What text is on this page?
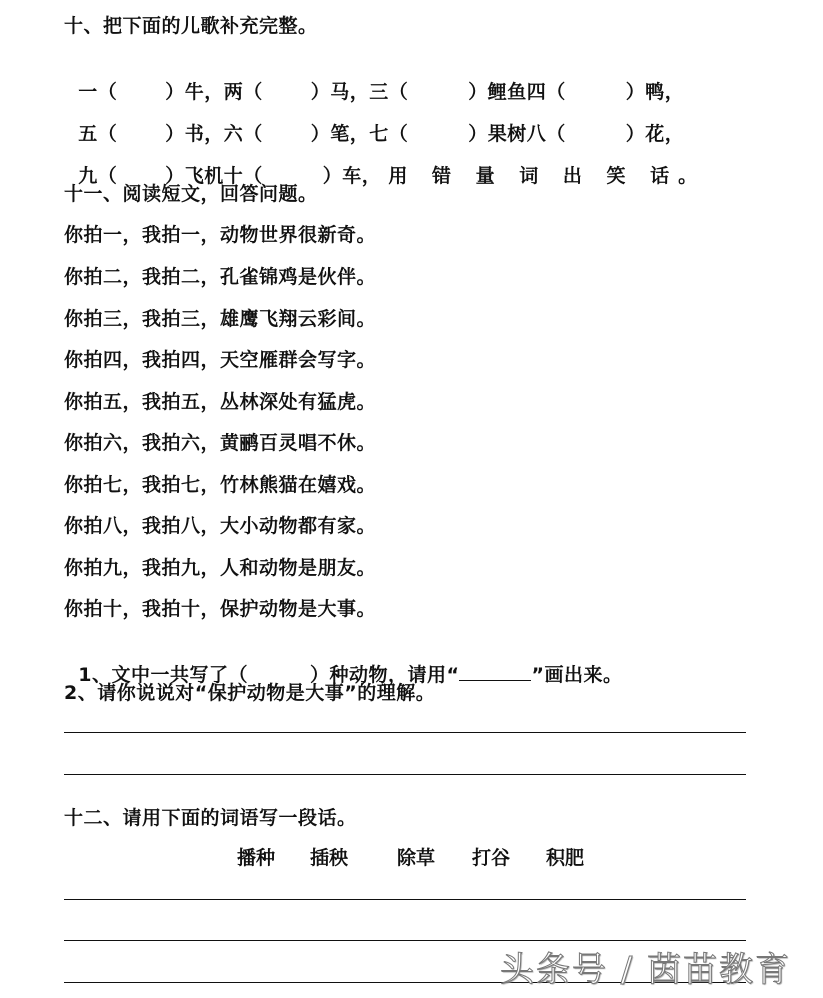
十、把下面的儿歌补充完整。

一（	）牛，两（	）马，三（	）鲤鱼四（	）鸭，

五（	）书，六（	）笔，七（	）果树八（	）花，

九（	）飞机十（	）车， 用 错 量 词 出 笑 话。

十一、阅读短文，回答问题。
你拍一，我拍一，动物世界很新奇。
你拍二，我拍二，孔雀锦鸡是伙伴。
你拍三，我拍三，雄鹰飞翔云彩间。
你拍四，我拍四，天空雁群会写字。
你拍五，我拍五，丛林深处有猛虎。
你拍六，我拍六，黄鹂百灵唱不休。
你拍七，我拍七，竹林熊猫在嬉戏。
你拍八，我拍八，大小动物都有家。
你拍九，我拍九，人和动物是朋友。
你拍十，我拍十，保护动物是大事。

1、文中一共写了（	）种动物，请用“	”画出来。

2、请你说说对“保护动物是大事”的理解。
十二、请用下面的词语写一段话。
播种 插秧	除草 打谷 积肥
头条号 / 茵苗教育
